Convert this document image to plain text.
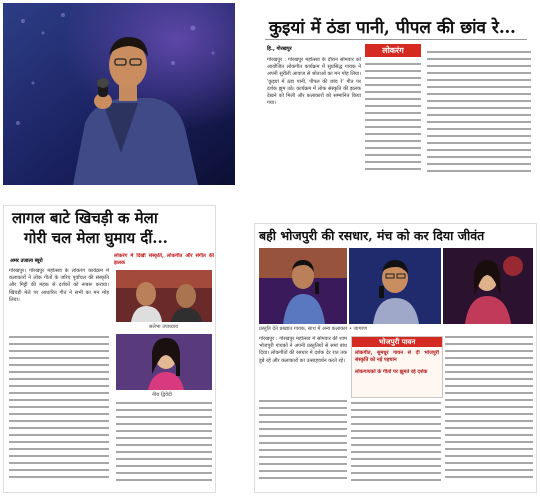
कुइयां में ठंडा पानी, पीपल की छांव रे…
हि., गोरखपुर	लोकरंग
गोरखपुर : गोरखपुर महोत्सव के दौरान सोमवार को आयोजित लोकगीत कार्यक्रम में सुप्रसिद्ध गायक ने अपनी सुरीली आवाज से श्रोताओं का मन मोह लिया। 'कुइयां में ठंडा पानी, पीपल की छांव रे' गीत पर दर्शक झूम उठे। कार्यक्रम में लोक संस्कृति की झलक देखने को मिली और कलाकारों को सम्मानित किया गया।
लागल बाटे खिचड़ी क मेला
गोरी चल मेला घुमाय दीं...
अमर उजाला ब्यूरो
लोकरंग में दिखी संस्कृति, लोकगीत और संगीत की झलक
गोरखपुर। गोरखपुर महोत्सव के लोकरंग कार्यक्रम में कलाकारों ने लोक गीतों के जरिए पूर्वांचल की संस्कृति और मिट्टी की महक से दर्शकों को रूबरू कराया। खिचड़ी मेले पर आधारित गीत ने सभी का मन मोह लिया।
सलेभा उपाध्याय
नीरा द्विवेदी
बही भोजपुरी की रसधार, मंच को कर दिया जीवंत
प्रस्तुति देते प्रख्यात गायक, साथ में अन्य कलाकार • जागरण
गोरखपुर : गोरखपुर महोत्सव में सोमवार की शाम भोजपुरी गायकों ने अपनी प्रस्तुतियों से समां बांध दिया। लोकगीतों की रसधार में दर्शक देर रात तक डूबे रहे और कलाकारों का उत्साहवर्धन करते रहे।
भोजपुरी पावन
लोकगीत, सुमधुर गायन से दी भोजपुरी संस्कृति को नई पहचान
लोकगायकों के गीतों पर झूमते रहे दर्शक
